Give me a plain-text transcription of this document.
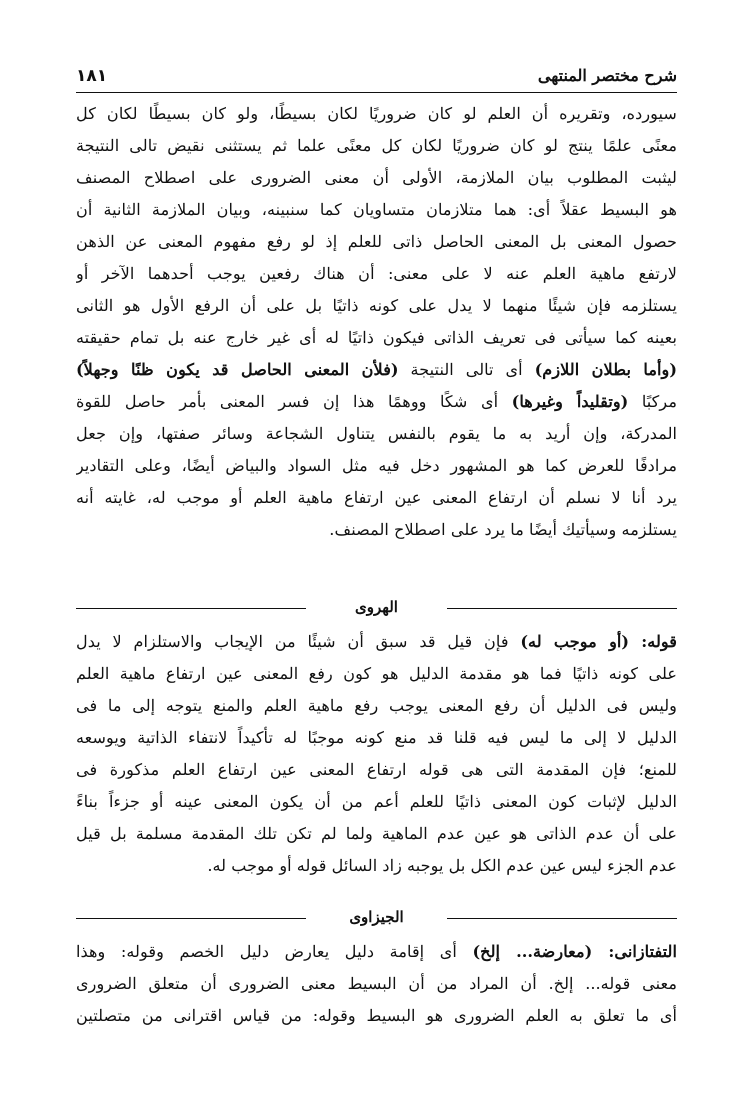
١٨١	شرح مختصر المنتهى
سيورده، وتقريره أن العلم لو كان ضروريًا لكان بسيطًا، ولو كان بسيطًا لكان كل
معنًى علمًا ينتج لو كان ضروريًا لكان كل معنًى علما ثم يستثنى نقيض تالى النتيجة
ليثبت المطلوب بيان الملازمة، الأولى أن معنى الضرورى على اصطلاح المصنف
هو البسيط عقلاً أى: هما متلازمان متساويان كما سنبينه، وبيان الملازمة الثانية أن
حصول المعنى بل المعنى الحاصل ذاتى للعلم إذ لو رفع مفهوم المعنى عن الذهن
لارتفع ماهية العلم عنه لا على معنى: أن هناك رفعين يوجب أحدهما الآخر أو
يستلزمه فإن شيئًا منهما لا يدل على كونه ذاتيًا بل على أن الرفع الأول هو الثانى
بعينه كما سيأتى فى تعريف الذاتى فيكون ذاتيًا له أى غير خارج عنه بل تمام حقيقته
(وأما بطلان اللازم) أى تالى النتيجة (فلأن المعنى الحاصل قد يكون ظنًا وجهلاً)
مركبًا (وتقليداً وغيرها) أى شكًا ووهمًا هذا إن فسر المعنى بأمر حاصل للقوة
المدركة، وإن أريد به ما يقوم بالنفس يتناول الشجاعة وسائر صفتها، وإن جعل
مرادفًا للعرض كما هو المشهور دخل فيه مثل السواد والبياض أيضًا، وعلى التقادير
يرد أنا لا نسلم أن ارتفاع المعنى عين ارتفاع ماهية العلم أو موجب له، غايته أنه
يستلزمه وسيأتيك أيضًا ما يرد على اصطلاح المصنف.
الهروى
قوله: (أو موجب له) فإن قيل قد سبق أن شيئًا من الإيجاب والاستلزام لا يدل
على كونه ذاتيًا فما هو مقدمة الدليل هو كون رفع المعنى عين ارتفاع ماهية العلم
وليس فى الدليل أن رفع المعنى يوجب رفع ماهية العلم والمنع يتوجه إلى ما فى
الدليل لا إلى ما ليس فيه قلنا قد منع كونه موجبًا له تأكيداً لانتفاء الذاتية ويوسعه
للمنع؛ فإن المقدمة التى هى قوله ارتفاع المعنى عين ارتفاع العلم مذكورة فى
الدليل لإثبات كون المعنى ذاتيًا للعلم أعم من أن يكون المعنى عينه أو جزءاً بناءً
على أن عدم الذاتى هو عين عدم الماهية ولما لم تكن تلك المقدمة مسلمة بل قيل
عدم الجزء ليس عين عدم الكل بل يوجبه زاد السائل قوله أو موجب له.
الجيزاوى
التفتازانى: (معارضة... إلخ) أى إقامة دليل يعارض دليل الخصم وقوله: وهذا
معنى قوله... إلخ. أن المراد من أن البسيط معنى الضرورى أن متعلق الضرورى
أى ما تعلق به العلم الضرورى هو البسيط وقوله: من قياس اقترانى من متصلتين
